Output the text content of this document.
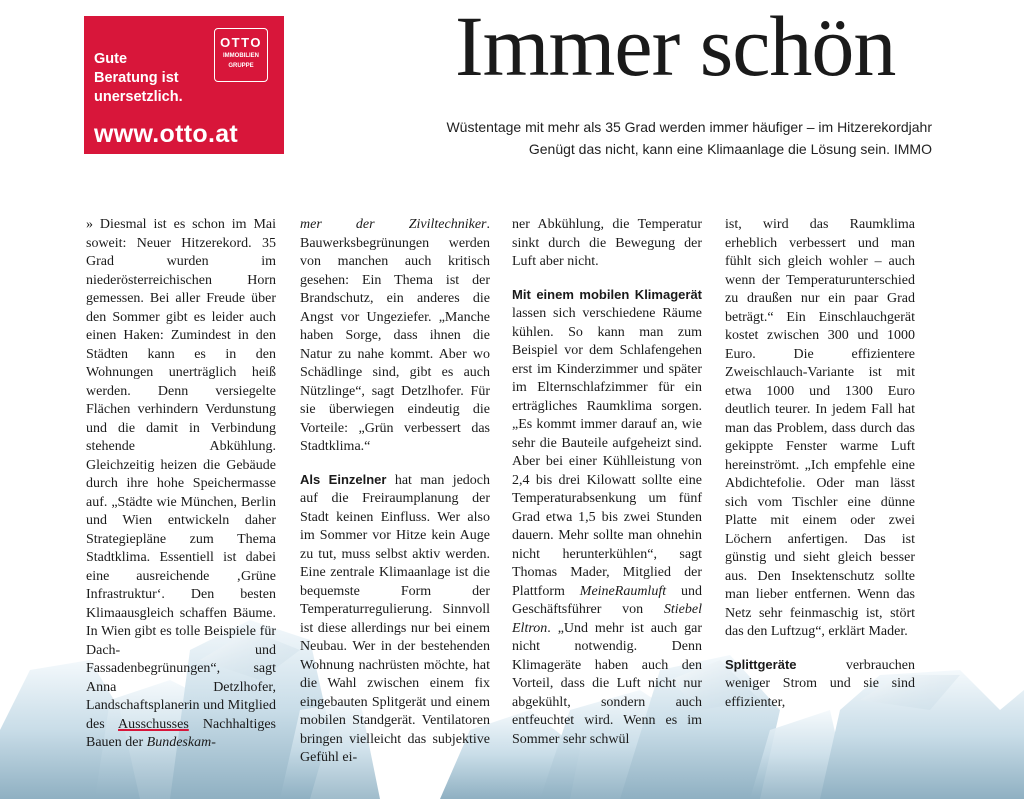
Gute
Beratung ist
unersetzlich.
OTTO
IMMOBILIEN
GRUPPE
www.otto.at
Immer schön
Wüstentage mit mehr als 35 Grad werden immer häufiger – im Hitzerekordjahr
Genügt das nicht, kann eine Klimaanlage die Lösung sein. IMMO

» Diesmal ist es schon im Mai soweit: Neuer Hitzerekord. 35 Grad wurden im niederösterreichischen Horn gemessen. Bei aller Freude über den Sommer gibt es leider auch einen Haken: Zumindest in den Städten kann es in den Wohnungen unerträglich heiß werden. Denn versiegelte Flächen verhindern Verdunstung und die damit in Verbindung stehende Abkühlung. Gleichzeitig heizen die Gebäude durch ihre hohe Speichermasse auf. „Städte wie München, Berlin und Wien entwickeln daher Strategiepläne zum Thema Stadtklima. Essentiell ist dabei eine ausreichende ‚Grüne Infrastruktur‘. Den besten Klimaausgleich schaffen Bäume. In Wien gibt es tolle Beispiele für Dach- und Fassadenbegrünungen“, sagt Anna Detzlhofer, Landschaftsplanerin und Mitglied des Ausschusses Nachhaltiges Bauen der Bundeskam-

mer der Ziviltechniker. Bauwerksbegrünungen werden von manchen auch kritisch gesehen: Ein Thema ist der Brandschutz, ein anderes die Angst vor Ungeziefer. „Manche haben Sorge, dass ihnen die Natur zu nahe kommt. Aber wo Schädlinge sind, gibt es auch Nützlinge“, sagt Detzlhofer. Für sie überwiegen eindeutig die Vorteile: „Grün verbessert das Stadtklima.“

Als Einzelner hat man jedoch auf die Freiraumplanung der Stadt keinen Einfluss. Wer also im Sommer vor Hitze kein Auge zu tut, muss selbst aktiv werden. Eine zentrale Klimaanlage ist die bequemste Form der Temperaturregulierung. Sinnvoll ist diese allerdings nur bei einem Neubau. Wer in der bestehenden Wohnung nachrüsten möchte, hat die Wahl zwischen einem fix eingebauten Splitgerät und einem mobilen Standgerät. Ventilatoren bringen vielleicht das subjektive Gefühl ei-

ner Abkühlung, die Temperatur sinkt durch die Bewegung der Luft aber nicht.

Mit einem mobilen Klimagerät lassen sich verschiedene Räume kühlen. So kann man zum Beispiel vor dem Schlafengehen erst im Kinderzimmer und später im Elternschlafzimmer für ein erträgliches Raumklima sorgen. „Es kommt immer darauf an, wie sehr die Bauteile aufgeheizt sind. Aber bei einer Kühlleistung von 2,4 bis drei Kilowatt sollte eine Temperaturabsenkung um fünf Grad etwa 1,5 bis zwei Stunden dauern. Mehr sollte man ohnehin nicht herunterkühlen“, sagt Thomas Mader, Mitglied der Plattform MeineRaumluft und Geschäftsführer von Stiebel Eltron. „Und mehr ist auch gar nicht notwendig. Denn Klimageräte haben auch den Vorteil, dass die Luft nicht nur abgekühlt, sondern auch entfeuchtet wird. Wenn es im Sommer sehr schwül

ist, wird das Raumklima erheblich verbessert und man fühlt sich gleich wohler – auch wenn der Temperaturunterschied zu draußen nur ein paar Grad beträgt.“ Ein Einschlauchgerät kostet zwischen 300 und 1000 Euro. Die effizientere Zweischlauch-Variante ist mit etwa 1000 und 1300 Euro deutlich teurer. In jedem Fall hat man das Problem, dass durch das gekippte Fenster warme Luft hereinströmt. „Ich empfehle eine Abdichtefolie. Oder man lässt sich vom Tischler eine dünne Platte mit einem oder zwei Löchern anfertigen. Das ist günstig und sieht gleich besser aus. Den Insektenschutz sollte man lieber entfernen. Wenn das Netz sehr feinmaschig ist, stört das den Luftzug“, erklärt Mader.

Splittgeräte verbrauchen weniger Strom und sie sind effizienter,
